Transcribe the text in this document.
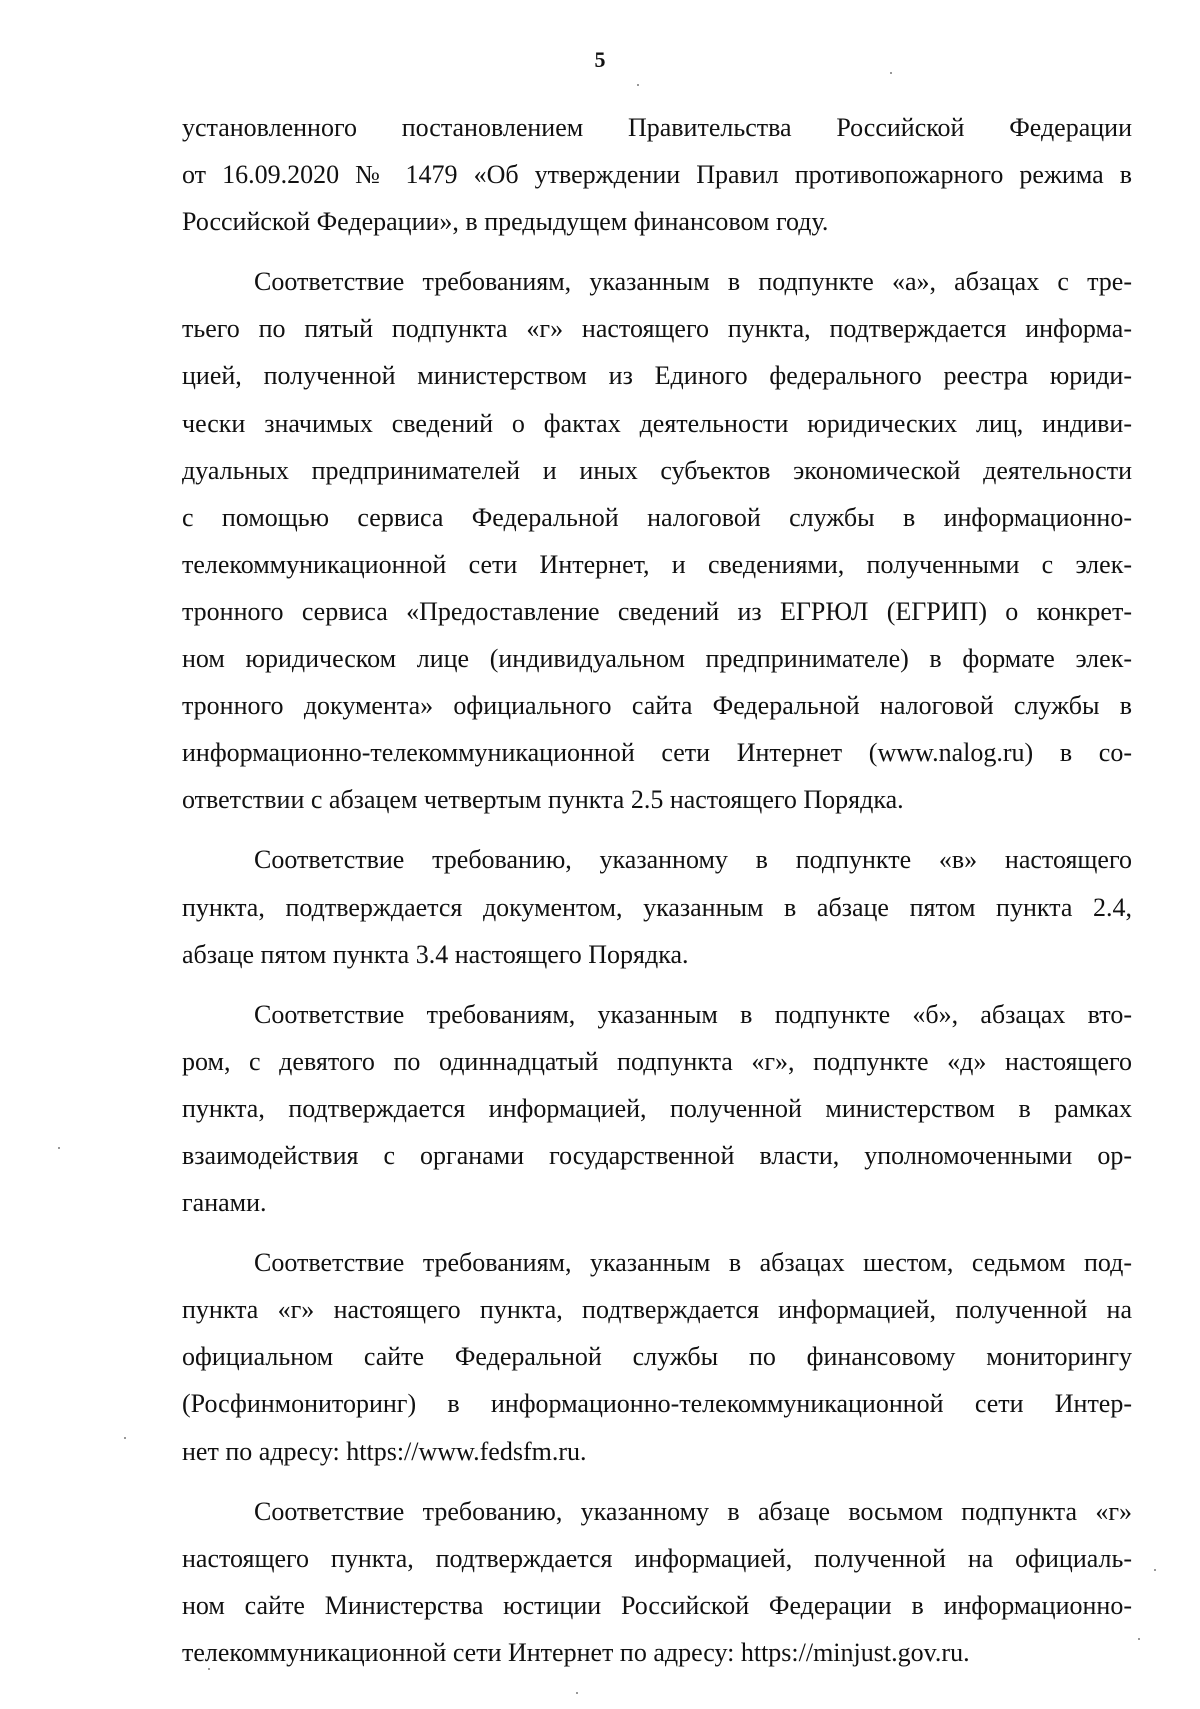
5
установленного постановлением Правительства Российской Федерации
от 16.09.2020 № 1479 «Об утверждении Правил противопожарного режима в
Российской Федерации», в предыдущем финансовом году.
Соответствие требованиям, указанным в подпункте «а», абзацах с тре-
тьего по пятый подпункта «г» настоящего пункта, подтверждается информа-
цией, полученной министерством из Единого федерального реестра юриди-
чески значимых сведений о фактах деятельности юридических лиц, индиви-
дуальных предпринимателей и иных субъектов экономической деятельности
с помощью сервиса Федеральной налоговой службы в информационно-
телекоммуникационной сети Интернет, и сведениями, полученными с элек-
тронного сервиса «Предоставление сведений из ЕГРЮЛ (ЕГРИП) о конкрет-
ном юридическом лице (индивидуальном предпринимателе) в формате элек-
тронного документа» официального сайта Федеральной налоговой службы в
информационно-телекоммуникационной сети Интернет (www.nalog.ru) в со-
ответствии с абзацем четвертым пункта 2.5 настоящего Порядка.
Соответствие требованию, указанному в подпункте «в» настоящего
пункта, подтверждается документом, указанным в абзаце пятом пункта 2.4,
абзаце пятом пункта 3.4 настоящего Порядка.
Соответствие требованиям, указанным в подпункте «б», абзацах вто-
ром, с девятого по одиннадцатый подпункта «г», подпункте «д» настоящего
пункта, подтверждается информацией, полученной министерством в рамках
взаимодействия с органами государственной власти, уполномоченными ор-
ганами.
Соответствие требованиям, указанным в абзацах шестом, седьмом под-
пункта «г» настоящего пункта, подтверждается информацией, полученной на
официальном сайте Федеральной службы по финансовому мониторингу
(Росфинмониторинг) в информационно-телекоммуникационной сети Интер-
нет по адресу: https://www.fedsfm.ru.
Соответствие требованию, указанному в абзаце восьмом подпункта «г»
настоящего пункта, подтверждается информацией, полученной на официаль-
ном сайте Министерства юстиции Российской Федерации в информационно-
телекоммуникационной сети Интернет по адресу: https://minjust.gov.ru.
